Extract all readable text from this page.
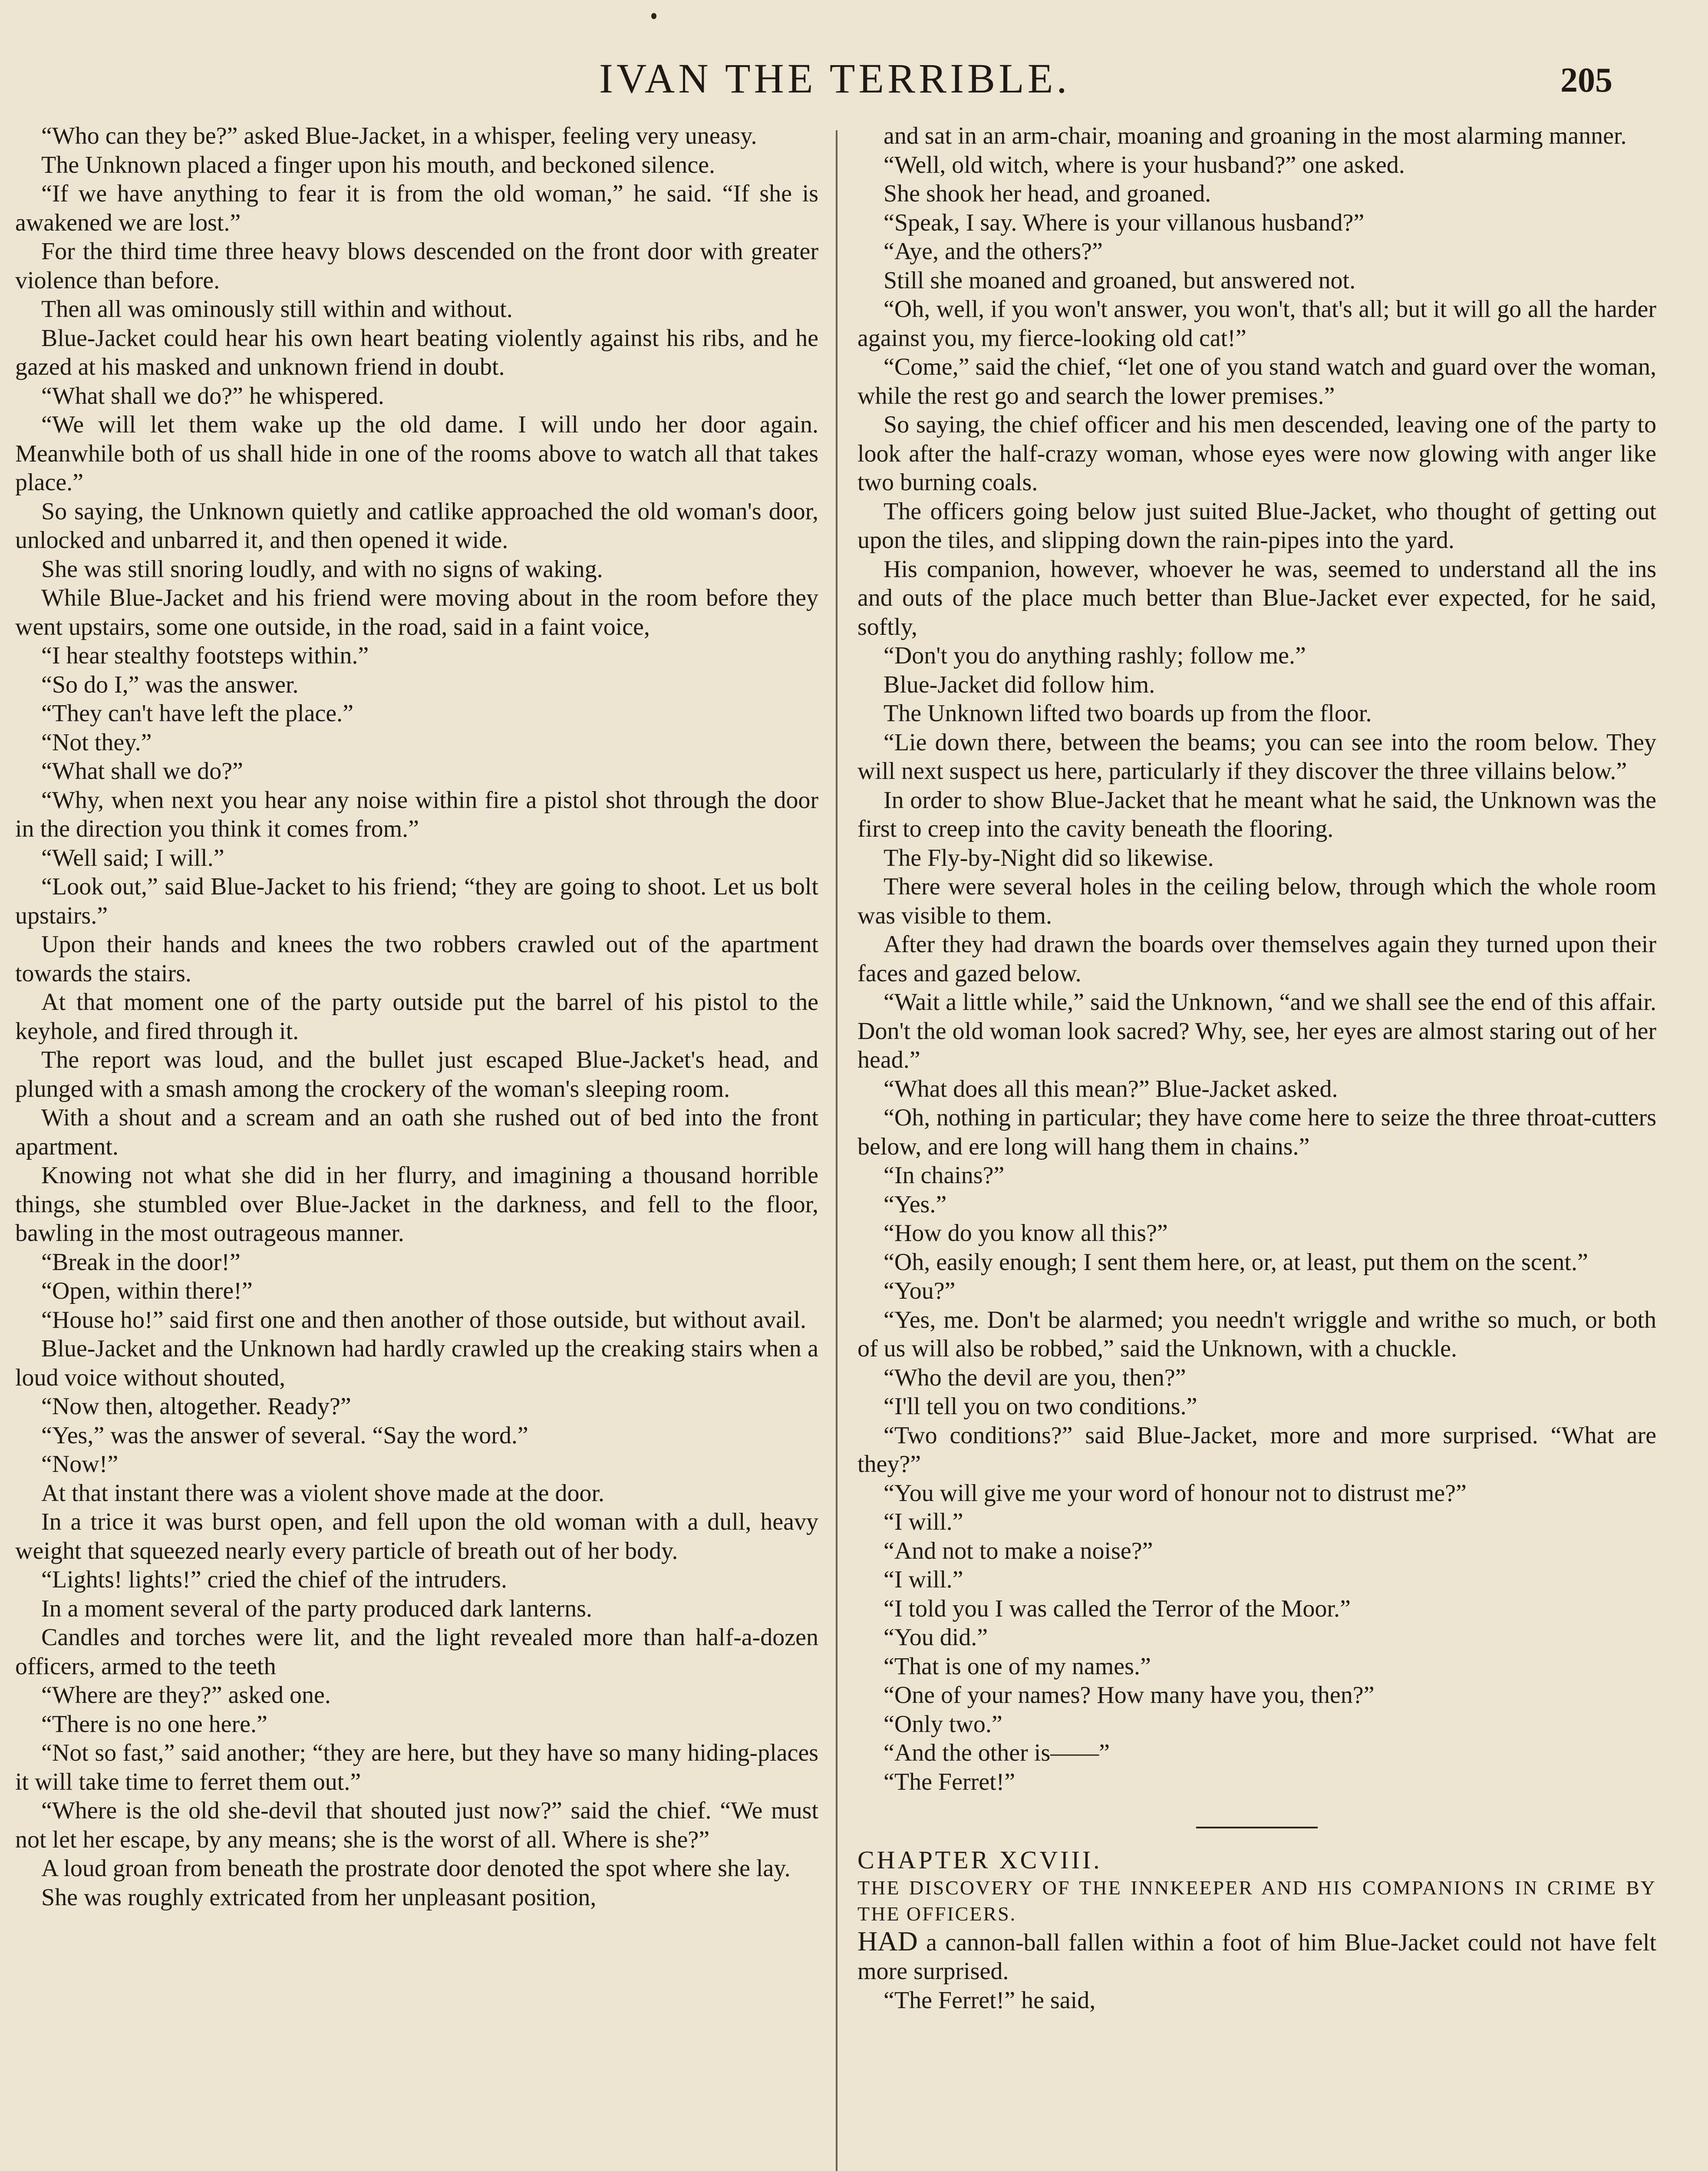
IVAN THE TERRIBLE.	205

“Who can they be?” asked Blue-Jacket, in a whisper, feeling very uneasy.

The Unknown placed a finger upon his mouth, and beckoned silence.

“If we have anything to fear it is from the old woman,” he said. “If she is awakened we are lost.”

For the third time three heavy blows descended on the front door with greater violence than before.

Then all was ominously still within and without.

Blue-Jacket could hear his own heart beating violently against his ribs, and he gazed at his masked and unknown friend in doubt.

“What shall we do?” he whispered.

“We will let them wake up the old dame. I will undo her door again. Meanwhile both of us shall hide in one of the rooms above to watch all that takes place.”

So saying, the Unknown quietly and catlike approached the old woman's door, unlocked and unbarred it, and then opened it wide.

She was still snoring loudly, and with no signs of waking.

While Blue-Jacket and his friend were moving about in the room before they went upstairs, some one outside, in the road, said in a faint voice,

“I hear stealthy footsteps within.”

“So do I,” was the answer.

“They can't have left the place.”

“Not they.”

“What shall we do?”

“Why, when next you hear any noise within fire a pistol shot through the door in the direction you think it comes from.”

“Well said; I will.”

“Look out,” said Blue-Jacket to his friend; “they are going to shoot. Let us bolt upstairs.”

Upon their hands and knees the two robbers crawled out of the apartment towards the stairs.

At that moment one of the party outside put the barrel of his pistol to the keyhole, and fired through it.

The report was loud, and the bullet just escaped Blue-Jacket's head, and plunged with a smash among the crockery of the woman's sleeping room.

With a shout and a scream and an oath she rushed out of bed into the front apartment.

Knowing not what she did in her flurry, and imagining a thousand horrible things, she stumbled over Blue-Jacket in the darkness, and fell to the floor, bawling in the most outrageous manner.

“Break in the door!”

“Open, within there!”

“House ho!” said first one and then another of those outside, but without avail.

Blue-Jacket and the Unknown had hardly crawled up the creaking stairs when a loud voice without shouted,

“Now then, altogether. Ready?”

“Yes,” was the answer of several. “Say the word.”

“Now!”

At that instant there was a violent shove made at the door.

In a trice it was burst open, and fell upon the old woman with a dull, heavy weight that squeezed nearly every particle of breath out of her body.

“Lights! lights!” cried the chief of the intruders.

In a moment several of the party produced dark lanterns.

Candles and torches were lit, and the light revealed more than half-a-dozen officers, armed to the teeth

“Where are they?” asked one.

“There is no one here.”

“Not so fast,” said another; “they are here, but they have so many hiding-places it will take time to ferret them out.”

“Where is the old she-devil that shouted just now?” said the chief. “We must not let her escape, by any means; she is the worst of all. Where is she?”

A loud groan from beneath the prostrate door denoted the spot where she lay.

She was roughly extricated from her unpleasant position,

and sat in an arm-chair, moaning and groaning in the most alarming manner.

“Well, old witch, where is your husband?” one asked.

She shook her head, and groaned.

“Speak, I say. Where is your villanous husband?”

“Aye, and the others?”

Still she moaned and groaned, but answered not.

“Oh, well, if you won't answer, you won't, that's all; but it will go all the harder against you, my fierce-looking old cat!”

“Come,” said the chief, “let one of you stand watch and guard over the woman, while the rest go and search the lower premises.”

So saying, the chief officer and his men descended, leaving one of the party to look after the half-crazy woman, whose eyes were now glowing with anger like two burning coals.

The officers going below just suited Blue-Jacket, who thought of getting out upon the tiles, and slipping down the rain-pipes into the yard.

His companion, however, whoever he was, seemed to understand all the ins and outs of the place much better than Blue-Jacket ever expected, for he said, softly,

“Don't you do anything rashly; follow me.”

Blue-Jacket did follow him.

The Unknown lifted two boards up from the floor.

“Lie down there, between the beams; you can see into the room below. They will next suspect us here, particularly if they discover the three villains below.”

In order to show Blue-Jacket that he meant what he said, the Unknown was the first to creep into the cavity beneath the flooring.

The Fly-by-Night did so likewise.

There were several holes in the ceiling below, through which the whole room was visible to them.

After they had drawn the boards over themselves again they turned upon their faces and gazed below.

“Wait a little while,” said the Unknown, “and we shall see the end of this affair. Don't the old woman look sacred? Why, see, her eyes are almost staring out of her head.”

“What does all this mean?” Blue-Jacket asked.

“Oh, nothing in particular; they have come here to seize the three throat-cutters below, and ere long will hang them in chains.”

“In chains?”

“Yes.”

“How do you know all this?”

“Oh, easily enough; I sent them here, or, at least, put them on the scent.”

“You?”

“Yes, me. Don't be alarmed; you needn't wriggle and writhe so much, or both of us will also be robbed,” said the Unknown, with a chuckle.

“Who the devil are you, then?”

“I'll tell you on two conditions.”

“Two conditions?” said Blue-Jacket, more and more surprised. “What are they?”

“You will give me your word of honour not to distrust me?”

“I will.”

“And not to make a noise?”

“I will.”

“I told you I was called the Terror of the Moor.”

“You did.”

“That is one of my names.”

“One of your names? How many have you, then?”

“Only two.”

“And the other is——”

“The Ferret!”

CHAPTER XCVIII.

THE DISCOVERY OF THE INNKEEPER AND HIS COMPANIONS IN CRIME BY THE OFFICERS.

HAD a cannon-ball fallen within a foot of him Blue-Jacket could not have felt more surprised.

“The Ferret!” he said,
